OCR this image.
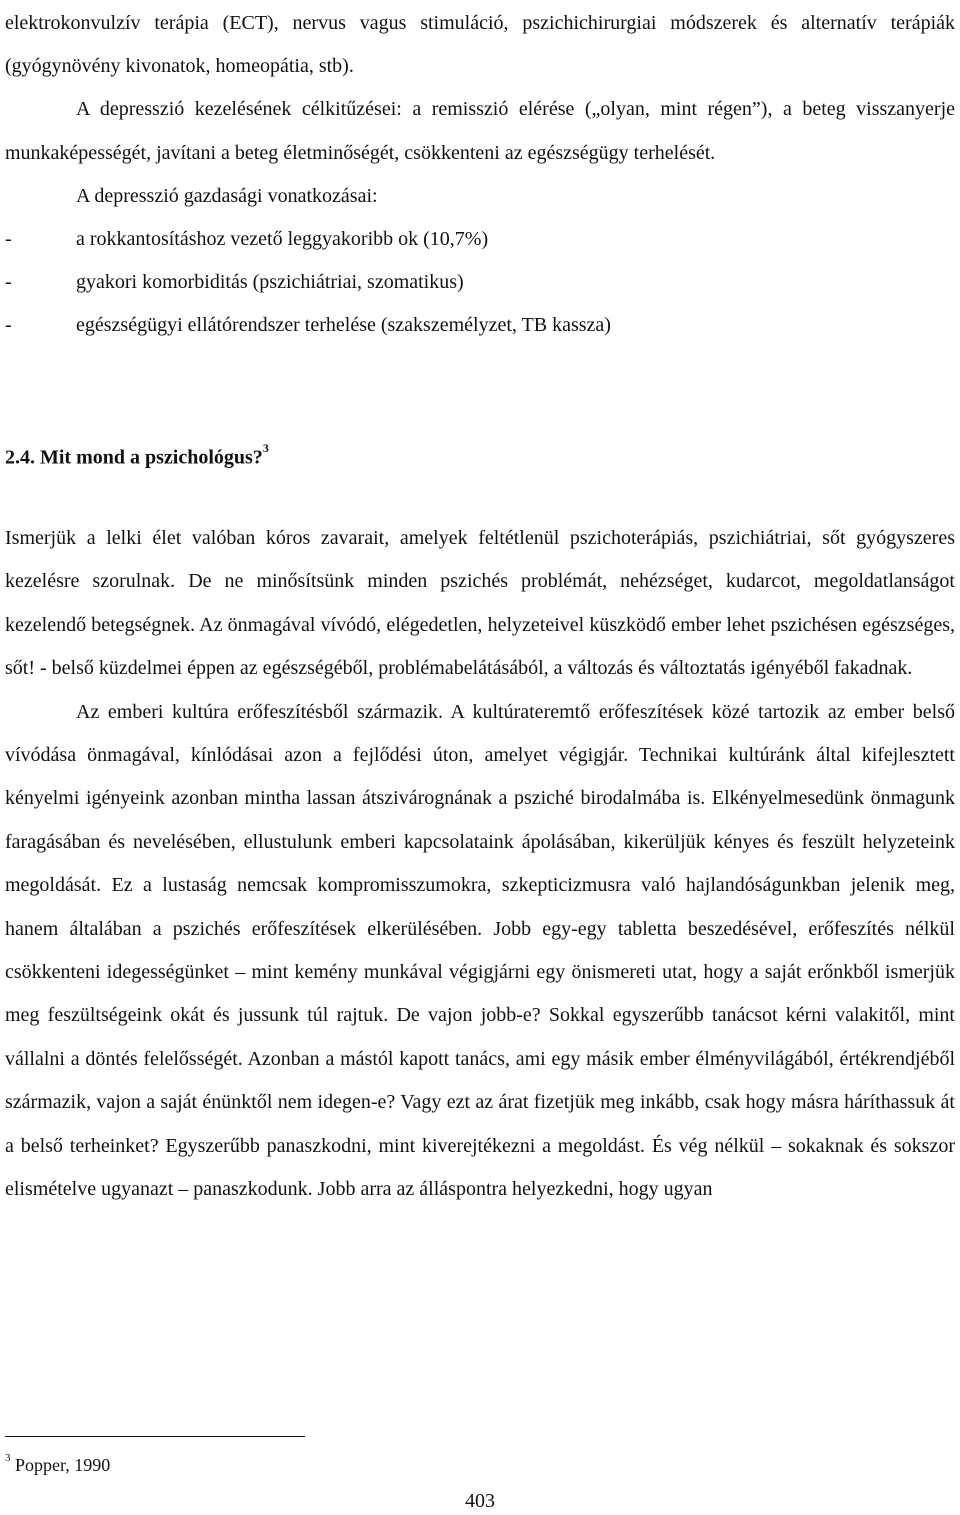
elektrokonvulzív terápia (ECT), nervus vagus stimuláció, pszichichirurgiai módszerek és alternatív terápiák (gyógynövény kivonatok, homeopátia, stb).

A depresszió kezelésének célkitűzései: a remisszió elérése („olyan, mint régen”), a beteg visszanyerje munkaképességét, javítani a beteg életminőségét, csökkenteni az egészségügy terhelését.

A depresszió gazdasági vonatkozásai:

-	a rokkantosításhoz vezető leggyakoribb ok (10,7%)
-	gyakori komorbiditás (pszichiátriai, szomatikus)
-	egészségügyi ellátórendszer terhelése (szakszemélyzet, TB kassza)
2.4. Mit mond a pszichológus?$^3$

Ismerjük a lelki élet valóban kóros zavarait, amelyek feltétlenül pszichoterápiás, pszichiátriai, sőt gyógyszeres kezelésre szorulnak. De ne minősítsünk minden pszichés problémát, nehézséget, kudarcot, megoldatlanságot kezelendő betegségnek. Az önmagával vívódó, elégedetlen, helyzeteivel küszködő ember lehet pszichésen egészséges, sőt! - belső küzdelmei éppen az egészségéből, problémabelátásából, a változás és változtatás igényéből fakadnak.

Az emberi kultúra erőfeszítésből származik. A kultúrateremtő erőfeszítések közé tartozik az ember belső vívódása önmagával, kínlódásai azon a fejlődési úton, amelyet végigjár. Technikai kultúránk által kifejlesztett kényelmi igényeink azonban mintha lassan átszivárognának a psziché birodalmába is. Elkényelmesedünk önmagunk faragásában és nevelésében, ellustulunk emberi kapcsolataink ápolásában, kikerüljük kényes és feszült helyzeteink megoldását. Ez a lustaság nemcsak kompromisszumokra, szkepticizmusra való hajlandóságunkban jelenik meg, hanem általában a pszichés erőfeszítések elkerülésében. Jobb egy-egy tabletta beszedésével, erőfeszítés nélkül csökkenteni idegességünket – mint kemény munkával végigjárni egy önismereti utat, hogy a saját erőnkből ismerjük meg feszültségeink okát és jussunk túl rajtuk. De vajon jobb-e? Sokkal egyszerűbb tanácsot kérni valakitől, mint vállalni a döntés felelősségét. Azonban a mástól kapott tanács, ami egy másik ember élményvilágából, értékrendjéből származik, vajon a saját énünktől nem idegen-e? Vagy ezt az árat fizetjük meg inkább, csak hogy másra háríthassuk át a belső terheinket? Egyszerűbb panaszkodni, mint kiverejtékezni a megoldást. És vég nélkül – sokaknak és sokszor elismételve ugyanazt – panaszkodunk. Jobb arra az álláspontra helyezkedni, hogy ugyan

$^3$ Popper, 1990
403
